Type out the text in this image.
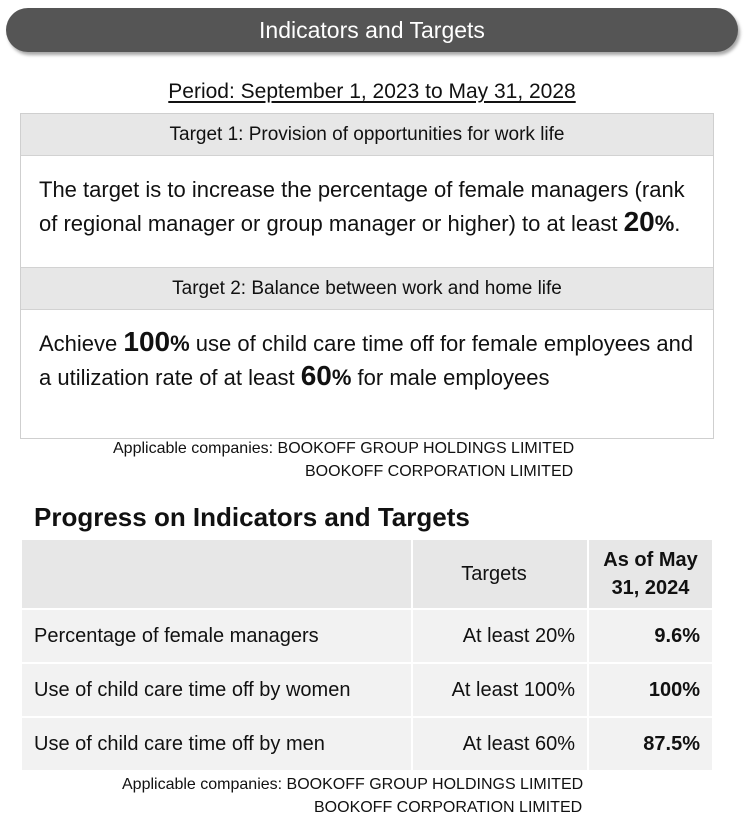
Indicators and Targets
Period: September 1, 2023 to May 31, 2028
Target 1: Provision of opportunities for work life
The target is to increase the percentage of female managers (rank of regional manager or group manager or higher) to at least 20%.
Target 2: Balance between work and home life
Achieve 100% use of child care time off for female employees and a utilization rate of at least 60% for male employees
Applicable companies: BOOKOFF GROUP HOLDINGS LIMITED
BOOKOFF CORPORATION LIMITED
Progress on Indicators and Targets
	Targets	As of May 31, 2024
Percentage of female managers	At least 20%	9.6%
Use of child care time off by women	At least 100%	100%
Use of child care time off by men	At least 60%	87.5%
Applicable companies: BOOKOFF GROUP HOLDINGS LIMITED
BOOKOFF CORPORATION LIMITED
